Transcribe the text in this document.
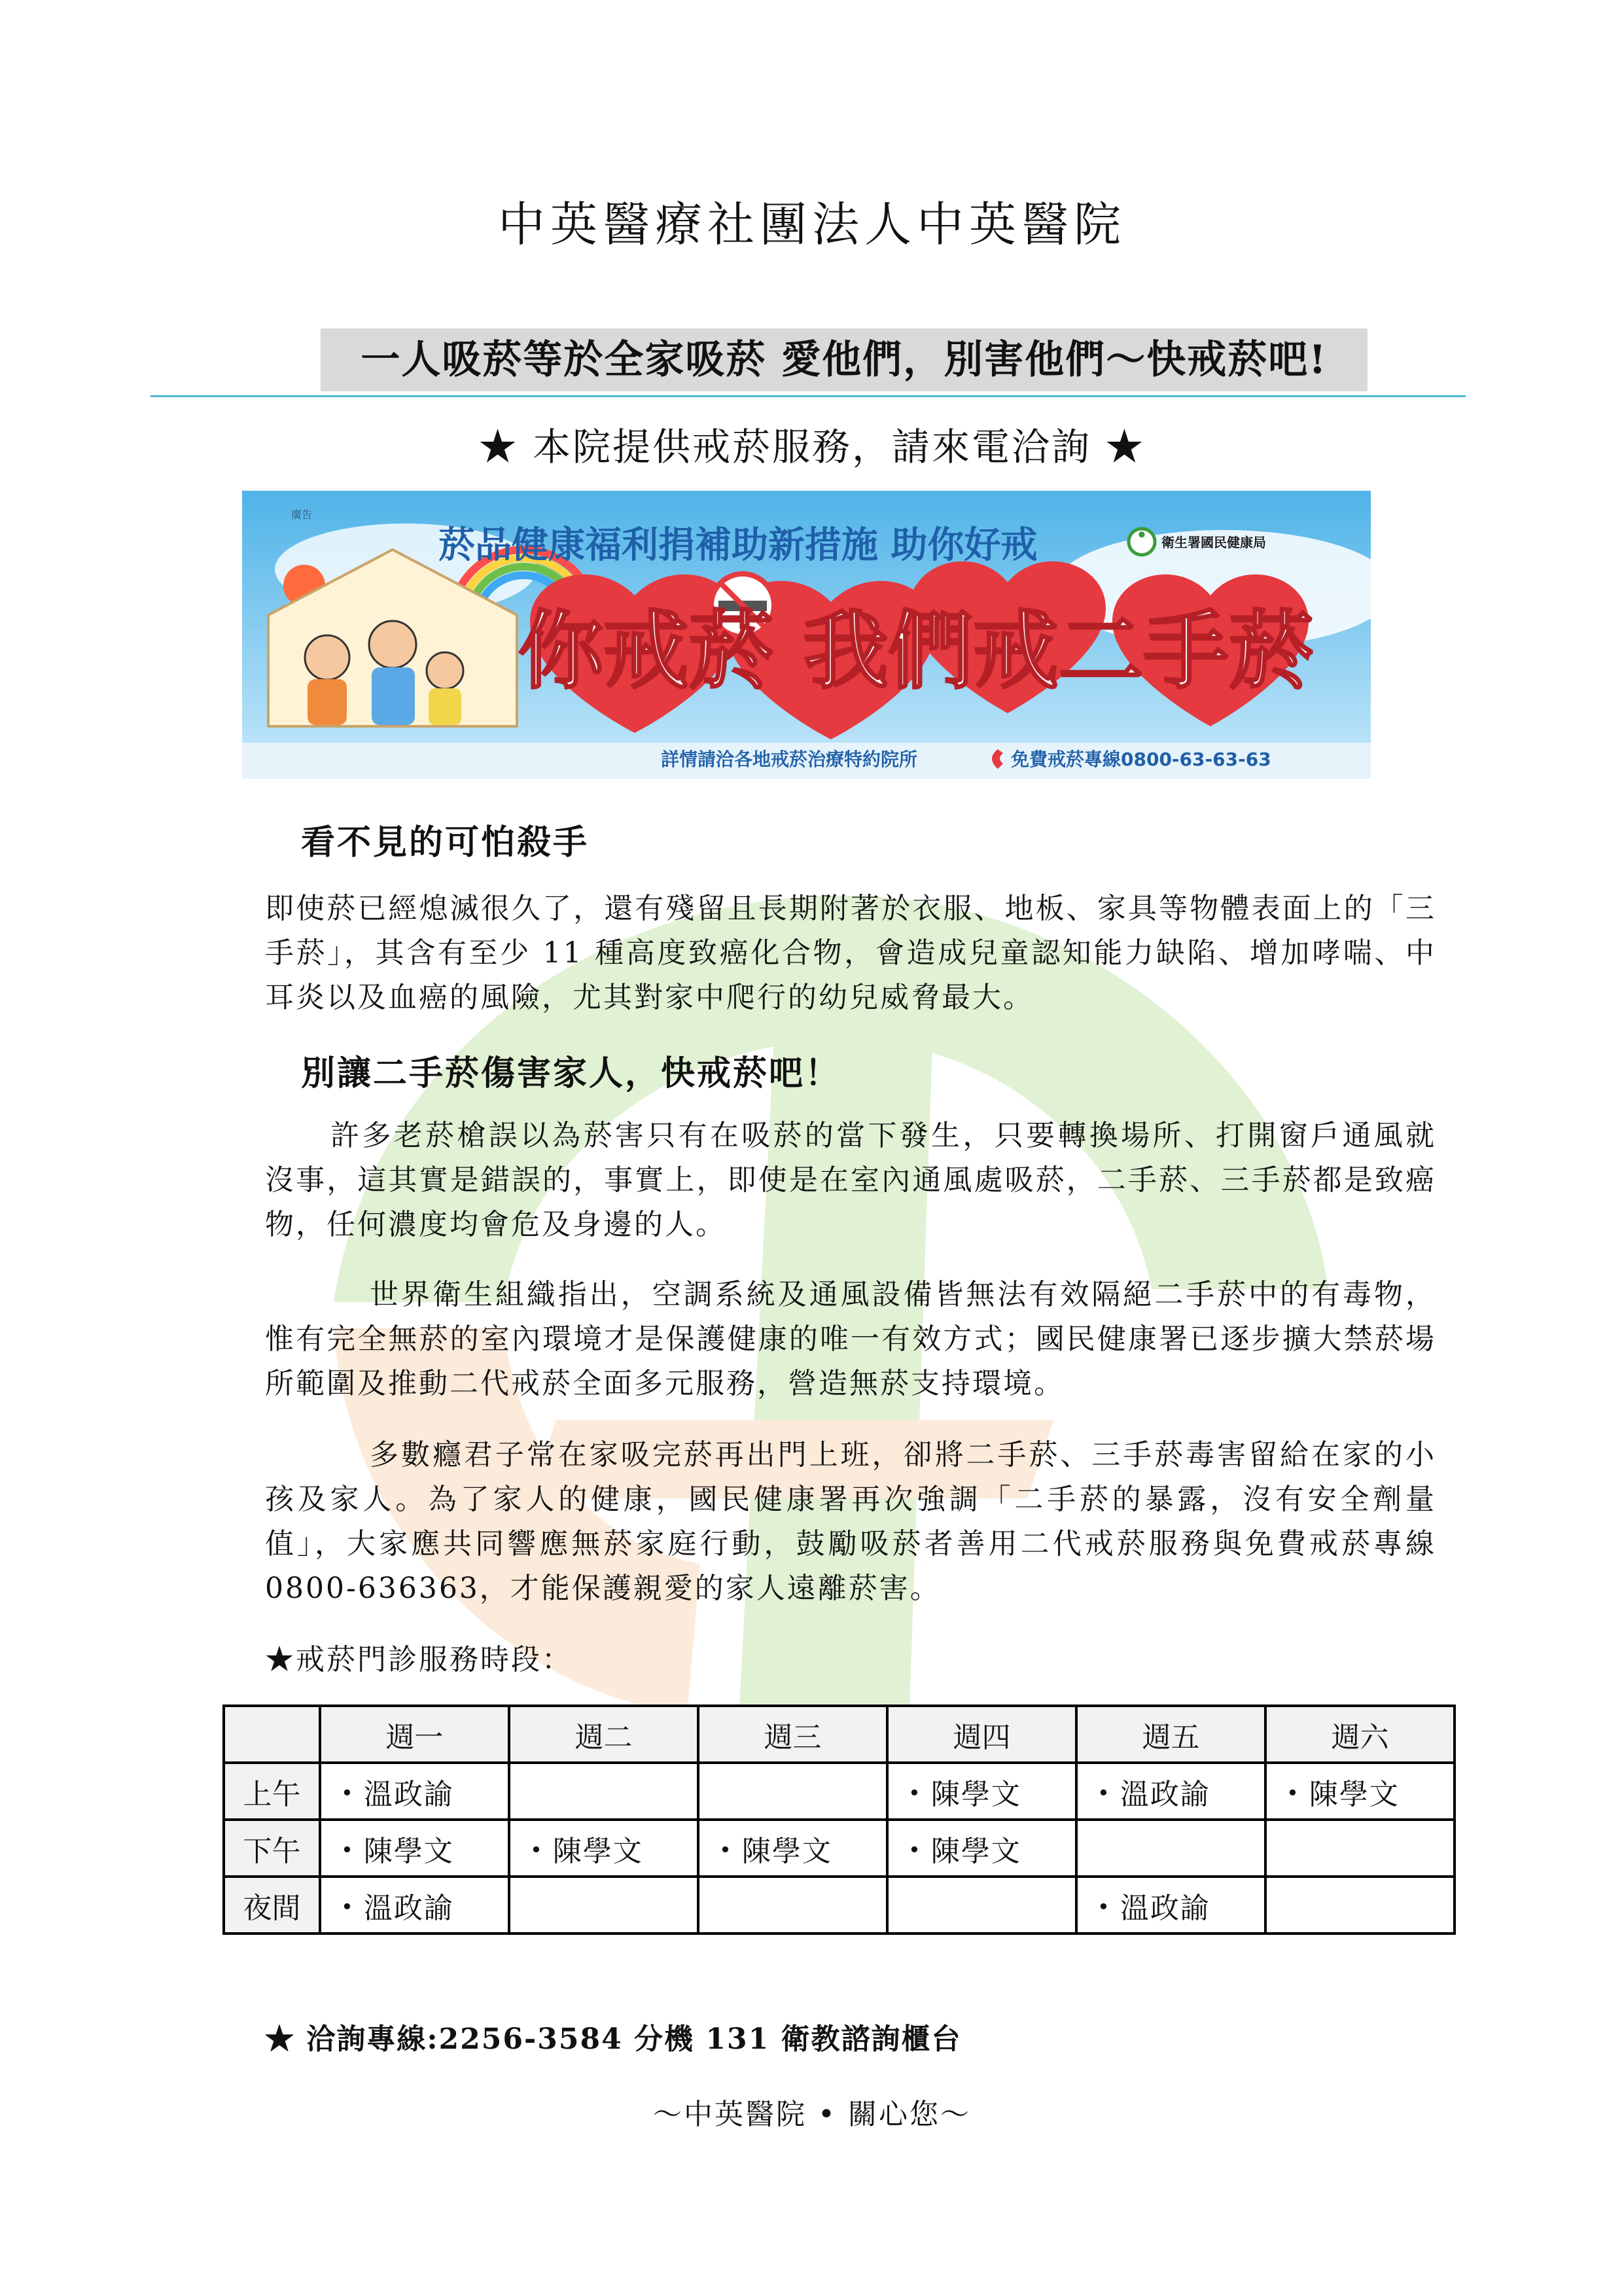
中英醫療社團法人中英醫院
一人吸菸等於全家吸菸 愛他們，別害他們～快戒菸吧!
★ 本院提供戒菸服務，請來電洽詢 ★
●
廣告
菸品健康福利捐補助新措施 助你好戒	衛生署國民健康局
你戒菸 我們戒二手菸
詳情請洽各地戒菸治療特約院所	免費戒菸專線0800-63-63-63
看不見的可怕殺手
即使菸已經熄滅很久了，還有殘留且長期附著於衣服、地板、家具等物體表面上的「三手菸」，其含有至少 11 種高度致癌化合物，會造成兒童認知能力缺陷、增加哮喘、中耳炎以及血癌的風險，尤其對家中爬行的幼兒威脅最大。
別讓二手菸傷害家人，快戒菸吧！
許多老菸槍誤以為菸害只有在吸菸的當下發生，只要轉換場所、打開窗戶通風就沒事，這其實是錯誤的，事實上，即使是在室內通風處吸菸，二手菸、三手菸都是致癌物，任何濃度均會危及身邊的人。
世界衛生組織指出，空調系統及通風設備皆無法有效隔絕二手菸中的有毒物，惟有完全無菸的室內環境才是保護健康的唯一有效方式；國民健康署已逐步擴大禁菸場所範圍及推動二代戒菸全面多元服務，營造無菸支持環境。
多數癮君子常在家吸完菸再出門上班，卻將二手菸、三手菸毒害留給在家的小孩及家人。為了家人的健康，國民健康署再次強調「二手菸的暴露，沒有安全劑量值」，大家應共同響應無菸家庭行動，鼓勵吸菸者善用二代戒菸服務與免費戒菸專線 0800-636363，才能保護親愛的家人遠離菸害。
★戒菸門診服務時段：
	週一	週二	週三	週四	週五	週六
上午	• 溫政諭			• 陳學文	• 溫政諭	• 陳學文
下午	• 陳學文	• 陳學文	• 陳學文	• 陳學文		
夜間	• 溫政諭				• 溫政諭	
★ 洽詢專線:2256-3584 分機 131 衛教諮詢櫃台
～中英醫院 • 關心您～
